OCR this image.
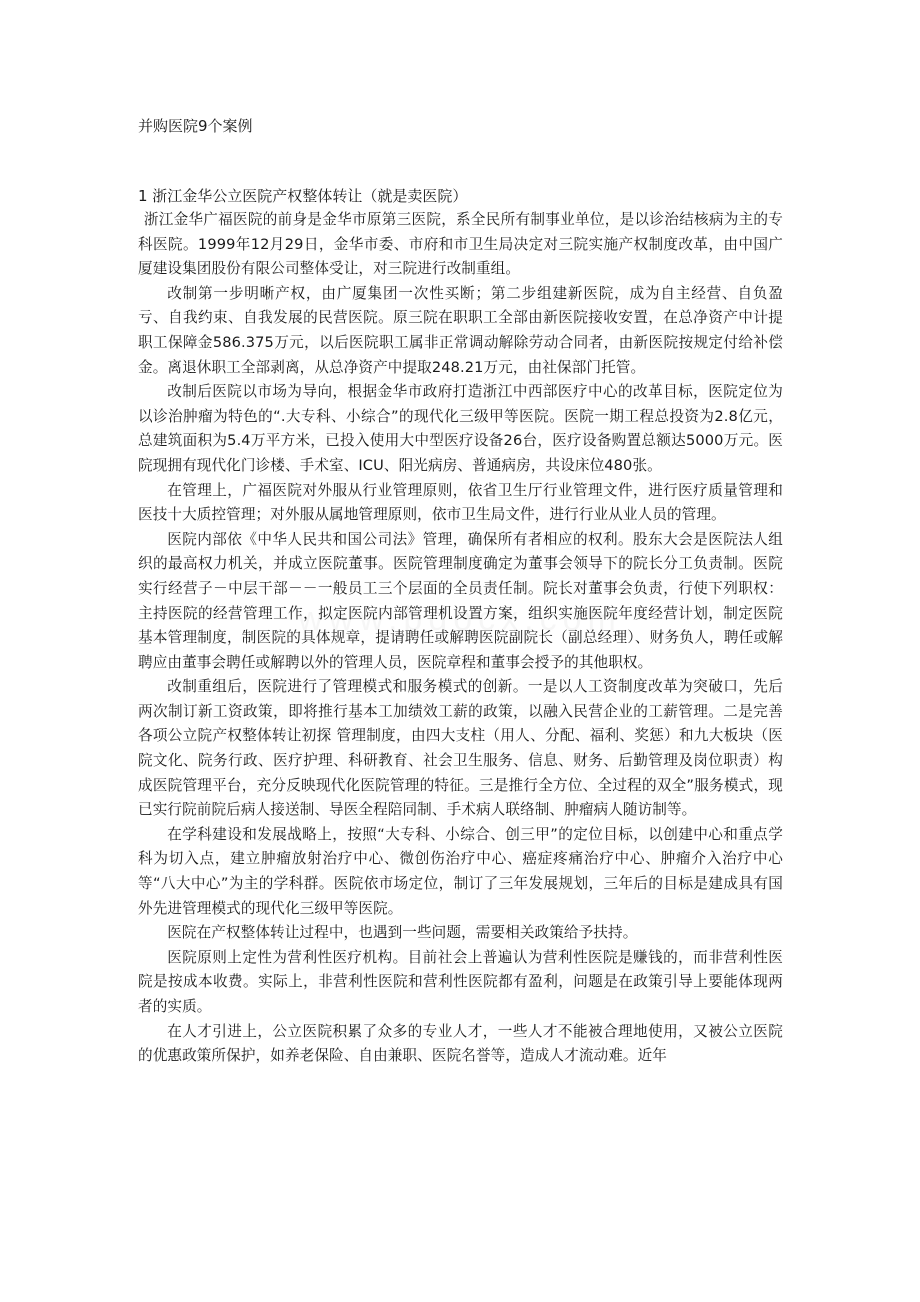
并购医院9个案例
1 浙江金华公立医院产权整体转让（就是卖医院）

浙江金华广福医院的前身是金华市原第三医院，系全民所有制事业单位，是以诊治结核病为主的专科医院。1999年12月29日，金华市委、市府和市卫生局决定对三院实施产权制度改革，由中国广厦建设集团股份有限公司整体受让，对三院进行改制重组。

改制第一步明晰产权，由广厦集团一次性买断；第二步组建新医院，成为自主经营、自负盈亏、自我约束、自我发展的民营医院。原三院在职职工全部由新医院接收安置，在总净资产中计提职工保障金586.375万元，以后医院职工属非正常调动解除劳动合同者，由新医院按规定付给补偿金。离退休职工全部剥离，从总净资产中提取248.21万元，由社保部门托管。

改制后医院以市场为导向，根据金华市政府打造浙江中西部医疗中心的改革目标，医院定位为以诊治肿瘤为特色的“.大专科、小综合”的现代化三级甲等医院。医院一期工程总投资为2.8亿元，总建筑面积为5.4万平方米，已投入使用大中型医疗设备26台，医疗设备购置总额达5000万元。医院现拥有现代化门诊楼、手术室、ICU、阳光病房、普通病房，共设床位480张。

在管理上，广福医院对外服从行业管理原则，依省卫生厅行业管理文件，进行医疗质量管理和医技十大质控管理；对外服从属地管理原则，依市卫生局文件，进行行业从业人员的管理。

医院内部依《中华人民共和国公司法》管理，确保所有者相应的权利。股东大会是医院法人组织的最高权力机关，并成立医院董事。医院管理制度确定为董事会领导下的院长分工负责制。医院实行经营子－中层干部－－一般员工三个层面的全员责任制。院长对董事会负责，行使下列职权：主持医院的经营管理工作，拟定医院内部管理机设置方案，组织实施医院年度经营计划，制定医院基本管理制度，制医院的具体规章，提请聘任或解聘医院副院长（副总经理）、财务负人，聘任或解聘应由董事会聘任或解聘以外的管理人员，医院章程和董事会授予的其他职权。

改制重组后，医院进行了管理模式和服务模式的创新。一是以人工资制度改革为突破口，先后两次制订新工资政策，即将推行基本工加绩效工薪的政策，以融入民营企业的工薪管理。二是完善各项公立院产权整体转让初探 管理制度，由四大支柱（用人、分配、福利、奖惩）和九大板块（医院文化、院务行政、医疗护理、科研教育、社会卫生服务、信息、财务、后勤管理及岗位职责）构成医院管理平台，充分反映现代化医院管理的特征。三是推行全方位、全过程的双全”服务模式，现已实行院前院后病人接送制、导医全程陪同制、手术病人联络制、肿瘤病人随访制等。

在学科建设和发展战略上，按照“大专科、小综合、创三甲”的定位目标，以创建中心和重点学科为切入点，建立肿瘤放射治疗中心、微创伤治疗中心、癌症疼痛治疗中心、肿瘤介入治疗中心等“八大中心”为主的学科群。医院依市场定位，制订了三年发展规划，三年后的目标是建成具有国外先进管理模式的现代化三级甲等医院。

医院在产权整体转让过程中，也遇到一些问题，需要相关政策给予扶持。

医院原则上定性为营利性医疗机构。目前社会上普遍认为营利性医院是赚钱的，而非营利性医院是按成本收费。实际上，非营利性医院和营利性医院都有盈利，问题是在政策引导上要能体现两者的实质。

在人才引进上，公立医院积累了众多的专业人才，一些人才不能被合理地使用，又被公立医院的优惠政策所保护，如养老保险、自由兼职、医院名誉等，造成人才流动难。近年
